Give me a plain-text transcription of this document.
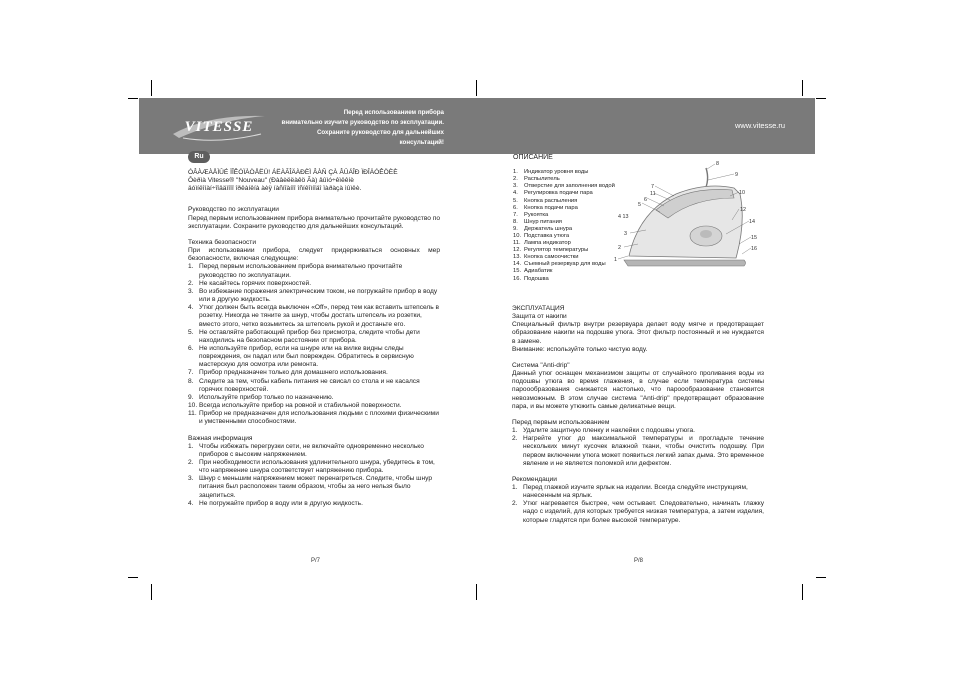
VITESSE
Перед использованием прибора
внимательно изучите руководство по эксплуатации.
Сохраните руководство для дальнейших консультаций!
www.vitesse.ru
Ru

ÓÂÀÆÀÅÌÛÉ ÏÎÊÓÏÀÒÅËÜ! ÁËÀÃÎÄÀÐÈÌ ÂÀÑ ÇÀ ÂÛÁÎÐ ÏÐÎÄÓÊÖÈÈ

Ôèðìà Vitesse® "Nouveau" (Ðàâèëëàêö Ãà) âûìó÷êìëêíè

äóìíëîíàí÷îîääìîîî îðêàíêíà àèÿ íàñíîàíîî îñíêîìíîäî ïàðàçà ìûìêè.

Руководство по эксплуатации

Перед первым использованием прибора внимательно прочитайте руководство по эксплуатации. Сохраните руководство для дальнейших консультаций.

Техника безопасности

При использовании прибора, следует придерживаться основных мер безопасности, включая следующие:

1. Перед первым использованием прибора внимательно прочитайте руководство по эксплуатации.
2. Не касайтесь горячих поверхностей.
3. Во избежание поражения электрическим током, не погружайте прибор в воду или в другую жидкость.
4. Утюг должен быть всегда выключен «Off», перед тем как вставить штепсель в розетку. Никогда не тяните за шнур, чтобы достать штепсель из розетки, вместо этого, четко возьмитесь за штепсель рукой и достаньте его.
5. Не оставляйте работающий прибор без присмотра, следите чтобы дети находились на безопасном расстоянии от прибора.
6. Не используйте прибор, если на шнуре или на вилке видны следы повреждения, он падал или был поврежден. Обратитесь в сервисную мастерскую для осмотра или ремонта.
7. Прибор предназначен только для домашнего использования.
8. Следите за тем, чтобы кабель питания не свисал со стола и не касался горячих поверхностей.
9. Используйте прибор только по назначению.
10. Всегда используйте прибор на ровной и стабильной поверхности.
11. Прибор не предназначен для использования людьми с плохими физическими и умственными способностями.

Важная информация

1. Чтобы избежать перегрузки сети, не включайте одновременно несколько приборов с высоким напряжением.
2. При необходимости использования удлинительного шнура, убедитесь в том, что напряжение шнура соответствует напряжению прибора.
3. Шнур с меньшим напряжением может перенагреться. Следите, чтобы шнур питания был расположен таким образом, чтобы за него нельзя было зацепиться.
4. Не погружайте прибор в воду или в другую жидкость.
P/7

ОПИСАНИЕ

1. Индикатор уровня воды
2. Распылитель
3. Отверстие для заполнения водой
4. Регулировка подачи пара
5. Кнопка распыления
6. Кнопка подачи пара
7. Рукоятка
8. Шнур питания
9. Держатель шнура
10. Подставка утюга
11. Лампа индикатор
12. Регулятор температуры
13. Кнопка самоочистки
14. Съемный резервуар для воды
15. Адиабатик
16. Подошва
8
9
7
11
6
5
10
4 13
12
14
3
15
2	16
1

ЭКСПЛУАТАЦИЯ

Защита от накипи

Специальный фильтр внутри резервуара делает воду мягче и предотвращает образование накипи на подошве утюга. Этот фильтр постоянный и не нуждается в замене.

Внимание: используйте только чистую воду.

Система "Anti-drip"

Данный утюг оснащен механизмом защиты от случайного проливания воды из подошвы утюга во время глажения, в случае если температура системы пароообразования снижается настолько, что пароообразование становится невозможным. В этом случае система "Anti-drip" предотвращает образование пара, и вы можете утюжить самые деликатные вещи.

Перед первым использованием

1. Удалите защитную пленку и наклейки с подошвы утюга.
2. Нагрейте утюг до максимальной температуры и прогладьте течение нескольких минут кусочек влажной ткани, чтобы очистить подошву. При первом включении утюга может появиться легкий запах дыма. Это временное явление и не является поломкой или дефектом.

Рекомендации

1. Перед глажкой изучите ярлык на изделии. Всегда следуйте инструкциям, нанесенным на ярлык.
2. Утюг нагревается быстрее, чем остывает. Следовательно, начинать глажку надо с изделий, для которых требуется низкая температура, а затем изделия, которые гладятся при более высокой температуре.
P/8
